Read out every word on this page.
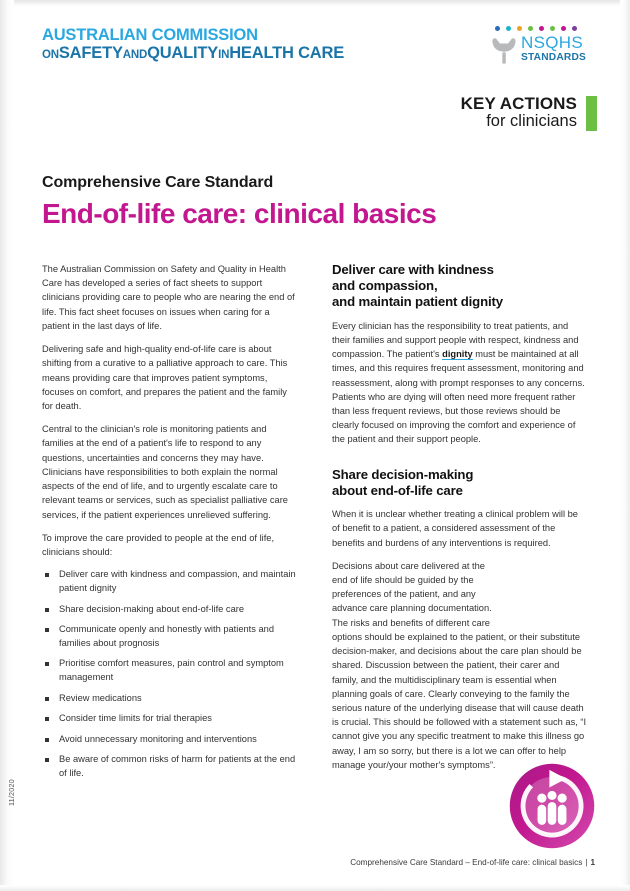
AUSTRALIAN COMMISSION
ONSAFETYANDQUALITYINHEALTH CARE
NSQHS
STANDARDS
KEY ACTIONS
for clinicians
Comprehensive Care Standard
End-of-life care: clinical basics

The Australian Commission on Safety and Quality in Health Care has developed a series of fact sheets to support clinicians providing care to people who are nearing the end of life. This fact sheet focuses on issues when caring for a patient in the last days of life.

Delivering safe and high-quality end-of-life care is about shifting from a curative to a palliative approach to care. This means providing care that improves patient symptoms, focuses on comfort, and prepares the patient and the family for death.

Central to the clinician's role is monitoring patients and families at the end of a patient's life to respond to any questions, uncertainties and concerns they may have. Clinicians have responsibilities to both explain the normal aspects of the end of life, and to urgently escalate care to relevant teams or services, such as specialist palliative care services, if the patient experiences unrelieved suffering.

To improve the care provided to people at the end of life, clinicians should:

Deliver care with kindness and compassion, and maintain patient dignity
Share decision-making about end-of-life care
Communicate openly and honestly with patients and families about prognosis
Prioritise comfort measures, pain control and symptom management
Review medications
Consider time limits for trial therapies
Avoid unnecessary monitoring and interventions
Be aware of common risks of harm for patients at the end of life.
Deliver care with kindness
and compassion,
and maintain patient dignity

Every clinician has the responsibility to treat patients, and their families and support people with respect, kindness and compassion. The patient's dignity must be maintained at all times, and this requires frequent assessment, monitoring and reassessment, along with prompt responses to any concerns. Patients who are dying will often need more frequent rather than less frequent reviews, but those reviews should be clearly focused on improving the comfort and experience of the patient and their support people.

Share decision-making
about end-of-life care

When it is unclear whether treating a clinical problem will be of benefit to a patient, a considered assessment of the benefits and burdens of any interventions is required.

Decisions about care delivered at the end of life should be guided by the preferences of the patient, and any advance care planning documentation. The risks and benefits of different care options should be explained to the patient, or their substitute decision-maker, and decisions about the care plan should be shared. Discussion between the patient, their carer and family, and the multidisciplinary team is essential when planning goals of care. Clearly conveying to the family the serious nature of the underlying disease that will cause death is crucial. This should be followed with a statement such as, “I cannot give you any specific treatment to make this illness go away, I am so sorry, but there is a lot we can offer to help manage your/your mother's symptoms”.

Comprehensive Care Standard – End-of-life care: clinical basics | 1
11/2020
